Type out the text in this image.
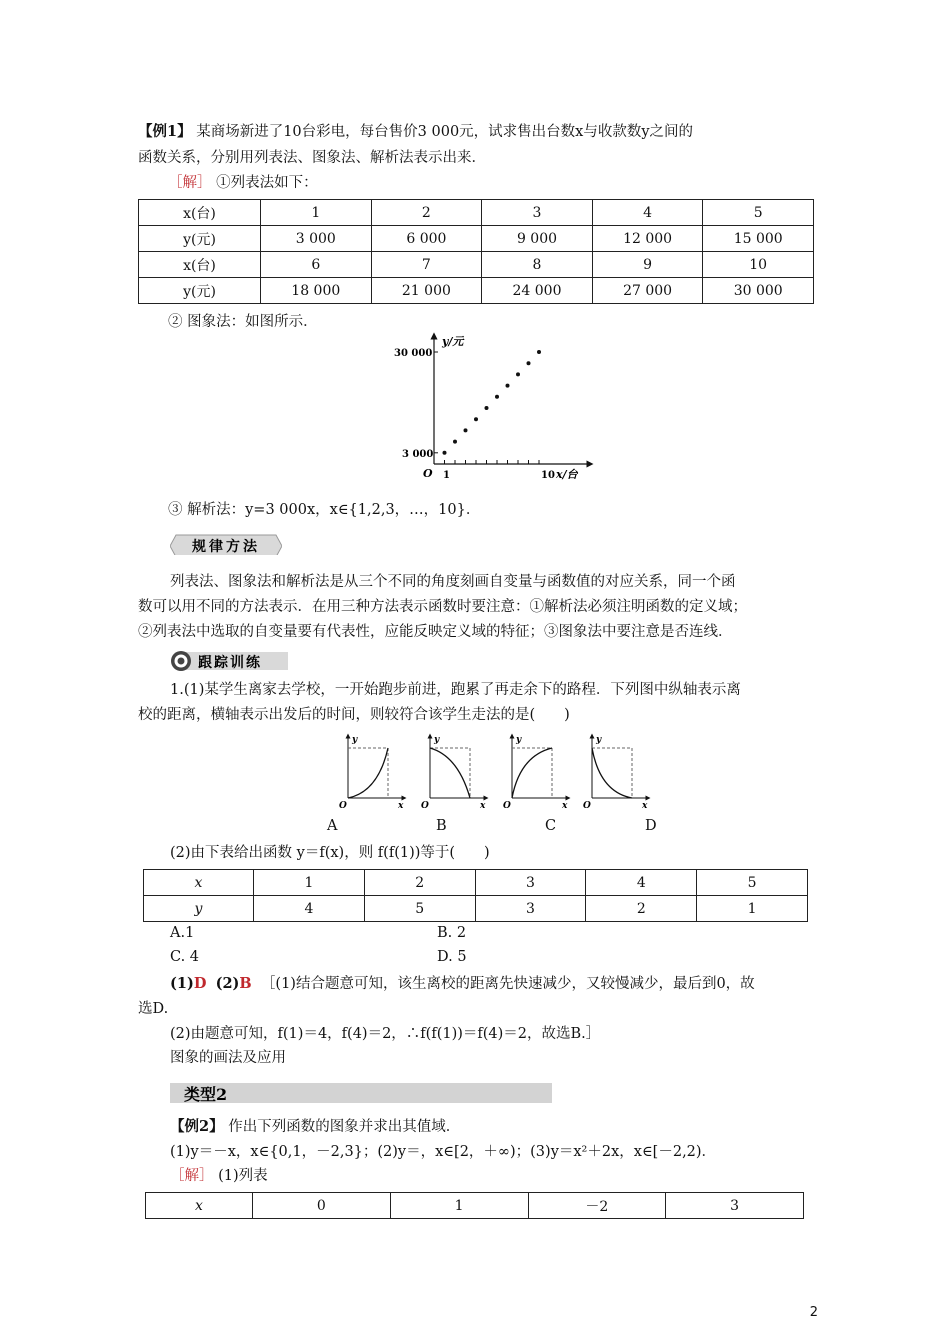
【例1】 某商场新进了10台彩电，每台售价3 000元，试求售出台数x与收款数y之间的
函数关系，分别用列表法、图象法、解析法表示出来．
［解］ ①列表法如下：
x(台)	1	2	3	4	5
y(元)	3 000	6 000	9 000	12 000	15 000
x(台)	6	7	8	9	10
y(元)	18 000	21 000	24 000	27 000	30 000
② 图象法：如图所示．
y/元
30 000
3 000
O 1	10 x/台
③ 解析法：y=3 000x，x∈{1,2,3，…，10}．
规律方法
列表法、图象法和解析法是从三个不同的角度刻画自变量与函数值的对应关系，同一个函
数可以用不同的方法表示．在用三种方法表示函数时要注意：①解析法必须注明函数的定义域；
②列表法中选取的自变量要有代表性，应能反映定义域的特征；③图象法中要注意是否连线．
跟踪训练
1.(1)某学生离家去学校，一开始跑步前进，跑累了再走余下的路程．下列图中纵轴表示离
校的距离，横轴表示出发后的时间，则较符合该学生走法的是(　　)
y
x
O
y
x
O
y
x
O
y
x
O
A	B	C	D
(2)由下表给出函数 y＝f(x)，则 f(f(1))等于(　　)
x	1	2	3	4	5
y	4	5	3	2	1
A.1	B. 2
C. 4	D. 5
(1)D (2)B ［(1)结合题意可知，该生离校的距离先快速减少，又较慢减少，最后到0，故
选D.
(2)由题意可知，f(1)＝4，f(4)＝2，∴f(f(1))＝f(4)＝2，故选B.］
图象的画法及应用
类型2
【例2】 作出下列函数的图象并求出其值域．
(1)y＝－x，x∈{0,1，－2,3}；(2)y＝，x∈[2，＋∞)；(3)y＝x²＋2x，x∈[－2,2)．
［解］ (1)列表
x	0	1	－2	3
2
